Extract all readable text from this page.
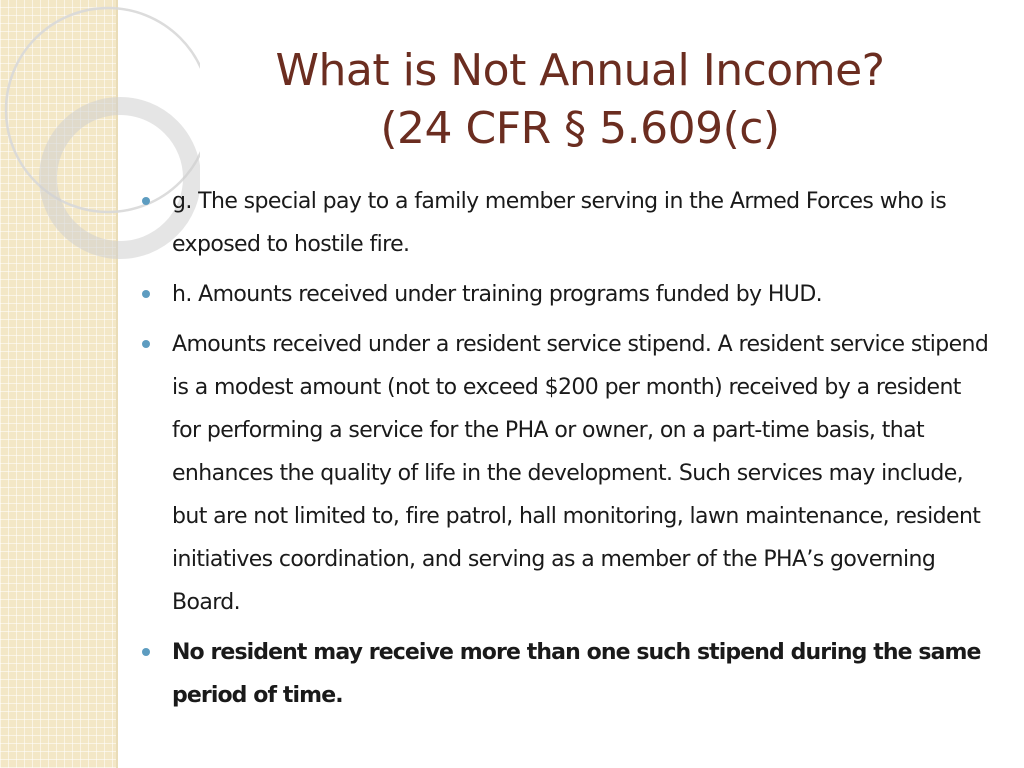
What is Not Annual Income?
(24 CFR § 5.609(c)
g. The special pay to a family member serving in the Armed Forces who is exposed to hostile fire.
h. Amounts received under training programs funded by HUD.
Amounts received under a resident service stipend. A resident service stipend is a modest amount (not to exceed $200 per month) received by a resident for performing a service for the PHA or owner, on a part-time basis, that enhances the quality of life in the development. Such services may include, but are not limited to, fire patrol, hall monitoring, lawn maintenance, resident initiatives coordination, and serving as a member of the PHA’s governing Board.
No resident may receive more than one such stipend during the same period of time.
